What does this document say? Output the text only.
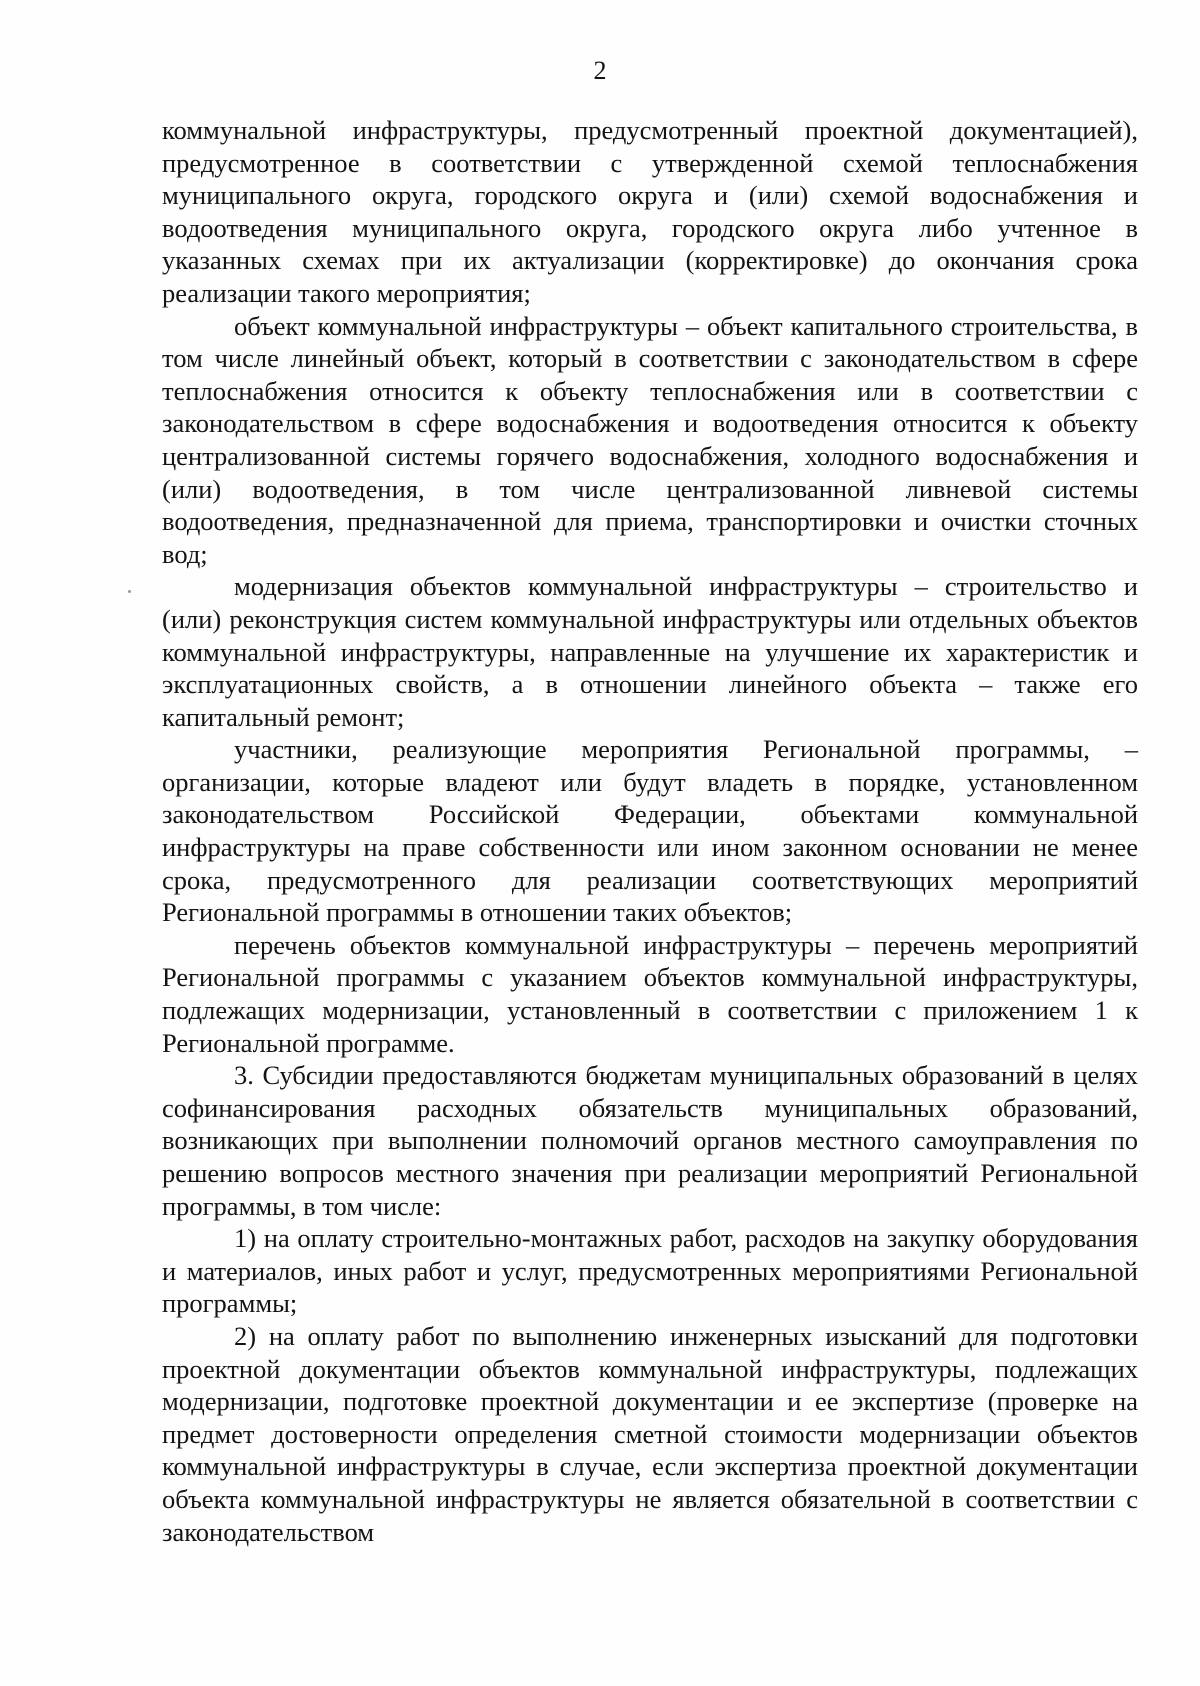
2

коммунальной инфраструктуры, предусмотренный проектной документацией), предусмотренное в соответствии с утвержденной схемой теплоснабжения муниципального округа, городского округа и (или) схемой водоснабжения и водоотведения муниципального округа, городского округа либо учтенное в указанных схемах при их актуализации (корректировке) до окончания срока реализации такого мероприятия;

объект коммунальной инфраструктуры – объект капитального строительства, в том числе линейный объект, который в соответствии с законодательством в сфере теплоснабжения относится к объекту теплоснабжения или в соответствии с законодательством в сфере водоснабжения и водоотведения относится к объекту централизованной системы горячего водоснабжения, холодного водоснабжения и (или) водоотведения, в том числе централизованной ливневой системы водоотведения, предназначенной для приема, транспортировки и очистки сточных вод;

модернизация объектов коммунальной инфраструктуры – строительство и (или) реконструкция систем коммунальной инфраструктуры или отдельных объектов коммунальной инфраструктуры, направленные на улучшение их характеристик и эксплуатационных свойств, а в отношении линейного объекта – также его капитальный ремонт;

участники, реализующие мероприятия Региональной программы, – организации, которые владеют или будут владеть в порядке, установленном законодательством Российской Федерации, объектами коммунальной инфраструктуры на праве собственности или ином законном основании не менее срока, предусмотренного для реализации соответствующих мероприятий Региональной программы в отношении таких объектов;

перечень объектов коммунальной инфраструктуры – перечень мероприятий Региональной программы с указанием объектов коммунальной инфраструктуры, подлежащих модернизации, установленный в соответствии с приложением 1 к Региональной программе.

3. Субсидии предоставляются бюджетам муниципальных образований в целях софинансирования расходных обязательств муниципальных образований, возникающих при выполнении полномочий органов местного самоуправления по решению вопросов местного значения при реализации мероприятий Региональной программы, в том числе:

1) на оплату строительно-монтажных работ, расходов на закупку оборудования и материалов, иных работ и услуг, предусмотренных мероприятиями Региональной программы;

2) на оплату работ по выполнению инженерных изысканий для подготовки проектной документации объектов коммунальной инфраструктуры, подлежащих модернизации, подготовке проектной документации и ее экспертизе (проверке на предмет достоверности определения сметной стоимости модернизации объектов коммунальной инфраструктуры в случае, если экспертиза проектной документации объекта коммунальной инфраструктуры не является обязательной в соответствии с законодательством
